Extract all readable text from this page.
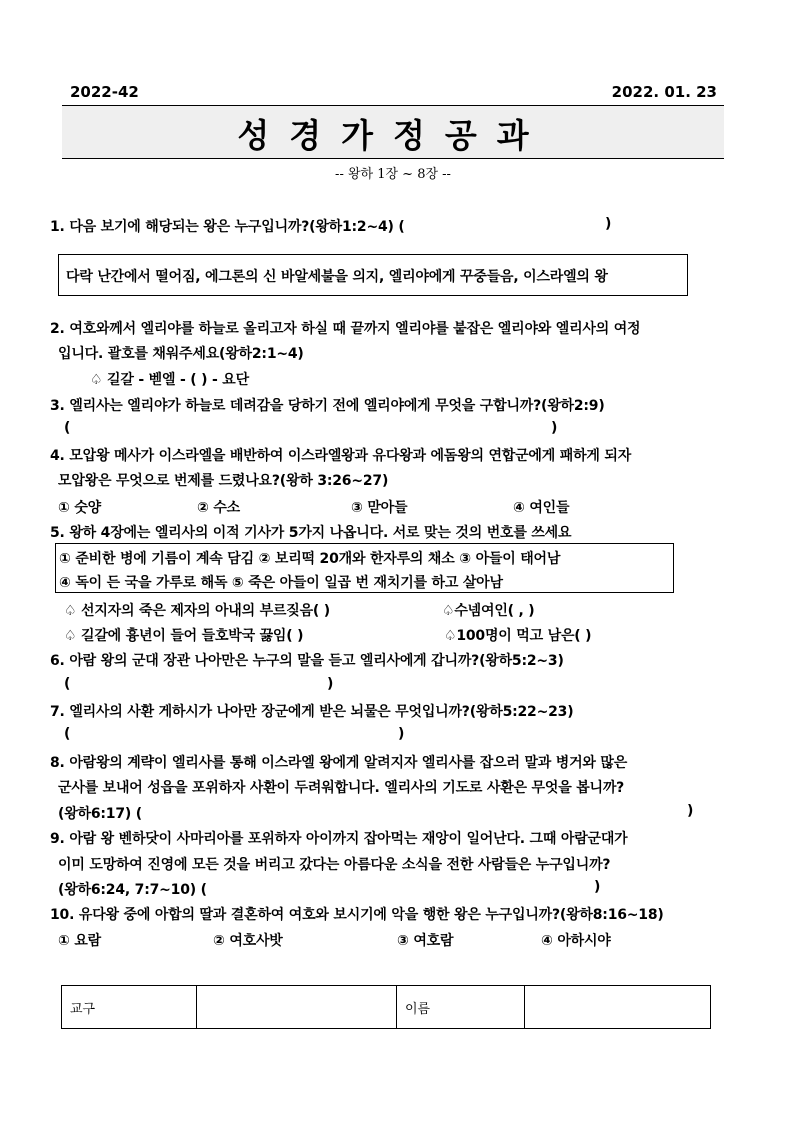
2022-42	2022. 01. 23
성경가정공과
-- 왕하 1장 ~ 8장 --
1. 다음 보기에 해당되는 왕은 누구입니까?(왕하1:2~4) (	)
다락 난간에서 떨어짐, 에그론의 신 바알세불을 의지, 엘리야에게 꾸중들음, 이스라엘의 왕
2. 여호와께서 엘리야를 하늘로 올리고자 하실 때 끝까지 엘리야를 붙잡은 엘리야와 엘리사의 여정
입니다. 괄호를 채워주세요(왕하2:1~4)
♤ 길갈 - 벧엘 - ( ) - 요단
3. 엘리사는 엘리야가 하늘로 데려감을 당하기 전에 엘리야에게 무엇을 구합니까?(왕하2:9)
(	)
4. 모압왕 메사가 이스라엘을 배반하여 이스라엘왕과 유다왕과 에돔왕의 연합군에게 패하게 되자
모압왕은 무엇으로 번제를 드렸나요?(왕하 3:26~27)
① 숫양	② 수소	③ 맏아들	④ 여인들
5. 왕하 4장에는 엘리사의 이적 기사가 5가지 나옵니다. 서로 맞는 것의 번호를 쓰세요
① 준비한 병에 기름이 계속 담김 ② 보리떡 20개와 한자루의 채소 ③ 아들이 태어남
④ 독이 든 국을 가루로 해독 ⑤ 죽은 아들이 일곱 번 재치기를 하고 살아남
♤ 선지자의 죽은 제자의 아내의 부르짖음( )	♤수넴여인( , )
♤ 길갈에 흉년이 들어 들호박국 끓임( )	♤100명이 먹고 남은( )
6. 아람 왕의 군대 장관 나아만은 누구의 말을 듣고 엘리사에게 갑니까?(왕하5:2~3)
(	)
7. 엘리사의 사환 게하시가 나아만 장군에게 받은 뇌물은 무엇입니까?(왕하5:22~23)
(	)
8. 아람왕의 계략이 엘리사를 통해 이스라엘 왕에게 알려지자 엘리사를 잡으러 말과 병거와 많은
군사를 보내어 성읍을 포위하자 사환이 두려워합니다. 엘리사의 기도로 사환은 무엇을 봅니까?
(왕하6:17) (	)
9. 아람 왕 벤하닷이 사마리아를 포위하자 아이까지 잡아먹는 재앙이 일어난다. 그때 아람군대가
이미 도망하여 진영에 모든 것을 버리고 갔다는 아름다운 소식을 전한 사람들은 누구입니까?
(왕하6:24, 7:7~10) (	)
10. 유다왕 중에 아합의 딸과 결혼하여 여호와 보시기에 악을 행한 왕은 누구입니까?(왕하8:16~18)
① 요람	② 여호사밧	③ 여호람	④ 아하시야
교구		이름	
